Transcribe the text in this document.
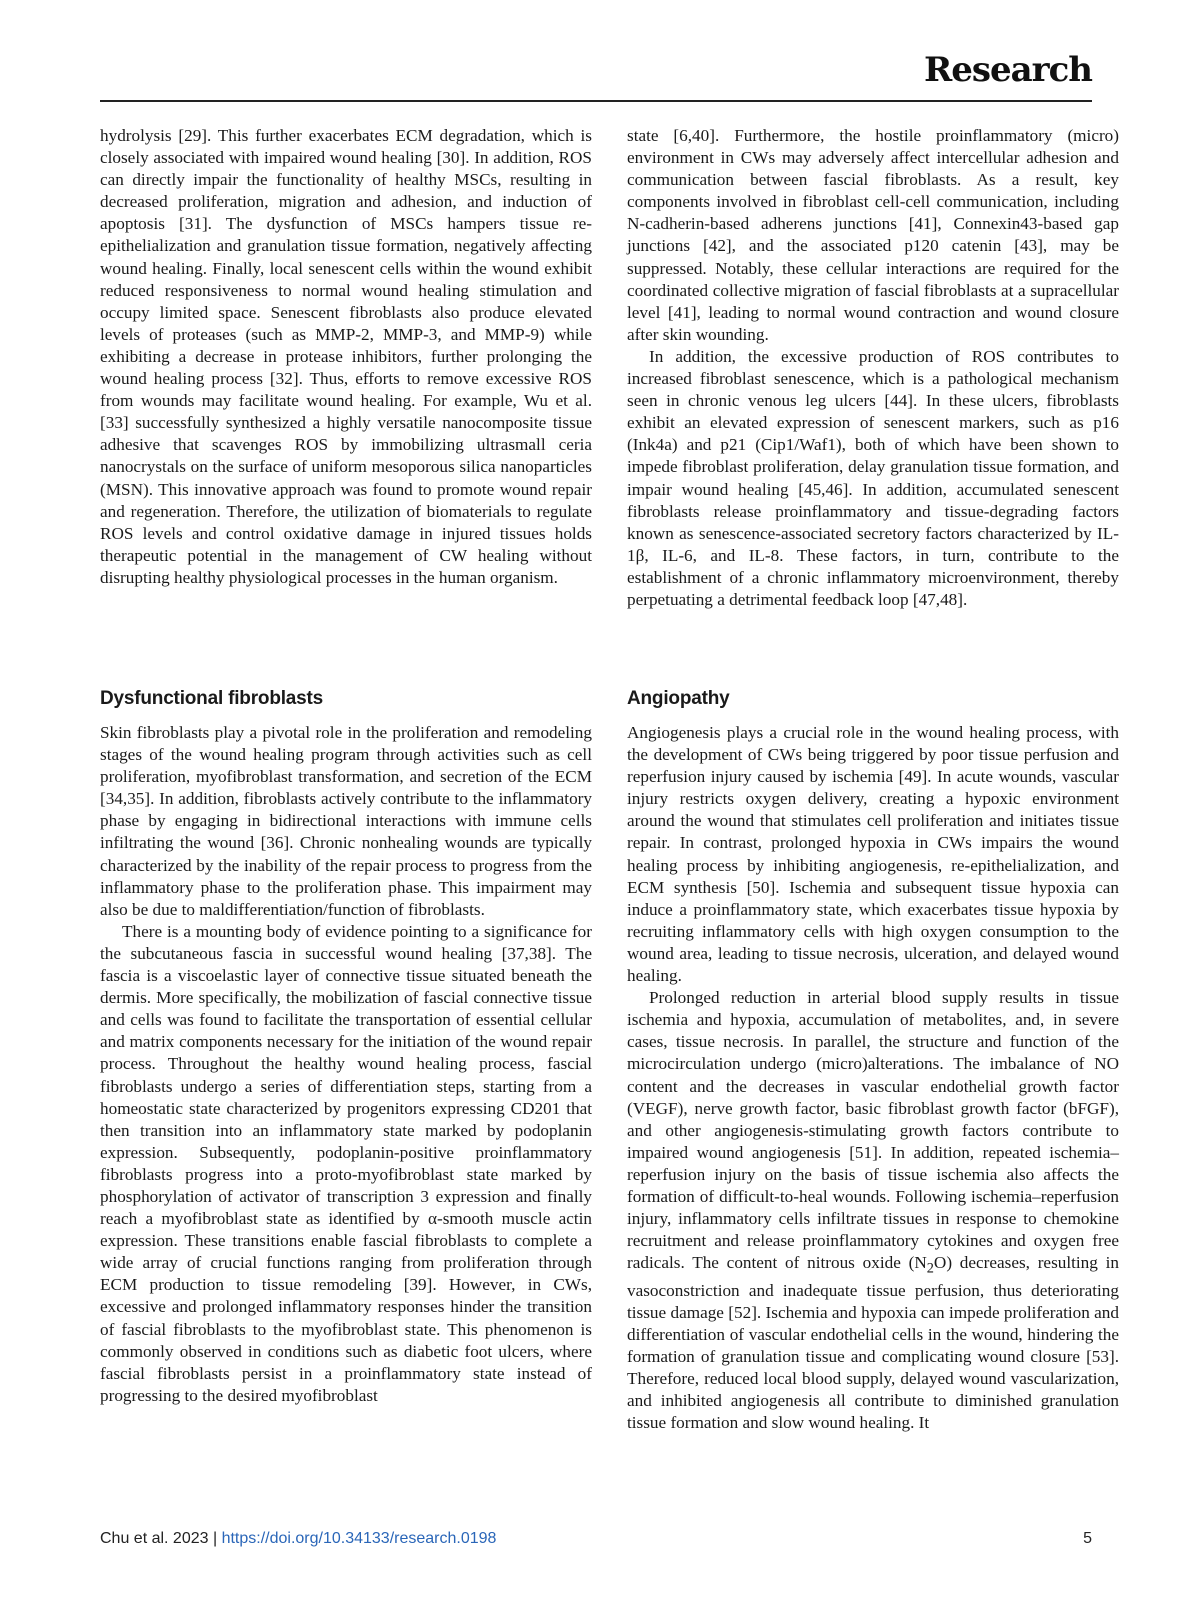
Research

hydrolysis [29]. This further exacerbates ECM degradation, which is closely associated with impaired wound healing [30]. In addition, ROS can directly impair the functionality of healthy MSCs, resulting in decreased proliferation, migration and adhesion, and induction of apoptosis [31]. The dysfunction of MSCs hampers tissue re-epithelialization and granulation tissue formation, negatively affecting wound healing. Finally, local senescent cells within the wound exhibit reduced responsiveness to normal wound healing stimulation and occupy limited space. Senescent fibroblasts also produce elevated levels of proteases (such as MMP-2, MMP-3, and MMP-9) while exhibiting a decrease in protease inhibitors, further prolonging the wound healing process [32]. Thus, efforts to remove excessive ROS from wounds may facilitate wound healing. For example, Wu et al. [33] successfully synthesized a highly versatile nanocomposite tissue adhesive that scavenges ROS by immobilizing ultrasmall ceria nanocrystals on the surface of uniform mesoporous silica nanoparticles (MSN). This innovative approach was found to promote wound repair and regeneration. Therefore, the utilization of biomaterials to regulate ROS levels and control oxidative damage in injured tissues holds therapeutic potential in the management of CW healing without disrupting healthy physiological processes in the human organism.

state [6,40]. Furthermore, the hostile proinflammatory (micro) environment in CWs may adversely affect intercellular adhesion and communication between fascial fibroblasts. As a result, key components involved in fibroblast cell-cell communication, including N-cadherin-based adherens junctions [41], Connexin43-based gap junctions [42], and the associated p120 catenin [43], may be suppressed. Notably, these cellular interactions are required for the coordinated collective migration of fascial fibroblasts at a supracellular level [41], leading to normal wound contraction and wound closure after skin wounding.

In addition, the excessive production of ROS contributes to increased fibroblast senescence, which is a pathological mechanism seen in chronic venous leg ulcers [44]. In these ulcers, fibroblasts exhibit an elevated expression of senescent markers, such as p16 (Ink4a) and p21 (Cip1/Waf1), both of which have been shown to impede fibroblast proliferation, delay granulation tissue formation, and impair wound healing [45,46]. In addition, accumulated senescent fibroblasts release proinflammatory and tissue-degrading factors known as senescence-associated secretory factors characterized by IL-1β, IL-6, and IL-8. These factors, in turn, contribute to the establishment of a chronic inflammatory microenvironment, thereby perpetuating a detrimental feedback loop [47,48].

Dysfunctional fibroblasts	Angiopathy

Skin fibroblasts play a pivotal role in the proliferation and remodeling stages of the wound healing program through activities such as cell proliferation, myofibroblast transformation, and secretion of the ECM [34,35]. In addition, fibroblasts actively contribute to the inflammatory phase by engaging in bidirectional interactions with immune cells infiltrating the wound [36]. Chronic nonhealing wounds are typically characterized by the inability of the repair process to progress from the inflammatory phase to the proliferation phase. This impairment may also be due to maldifferentiation/function of fibroblasts.

There is a mounting body of evidence pointing to a significance for the subcutaneous fascia in successful wound healing [37,38]. The fascia is a viscoelastic layer of connective tissue situated beneath the dermis. More specifically, the mobilization of fascial connective tissue and cells was found to facilitate the transportation of essential cellular and matrix components necessary for the initiation of the wound repair process. Throughout the healthy wound healing process, fascial fibroblasts undergo a series of differentiation steps, starting from a homeostatic state characterized by progenitors expressing CD201 that then transition into an inflammatory state marked by podoplanin expression. Subsequently, podoplanin-positive proinflammatory fibroblasts progress into a proto-myofibroblast state marked by phosphorylation of activator of transcription 3 expression and finally reach a myofibroblast state as identified by α-smooth muscle actin expression. These transitions enable fascial fibroblasts to complete a wide array of crucial functions ranging from proliferation through ECM production to tissue remodeling [39]. However, in CWs, excessive and prolonged inflammatory responses hinder the transition of fascial fibroblasts to the myofibroblast state. This phenomenon is commonly observed in conditions such as diabetic foot ulcers, where fascial fibroblasts persist in a proinflammatory state instead of progressing to the desired myofibroblast

Angiogenesis plays a crucial role in the wound healing process, with the development of CWs being triggered by poor tissue perfusion and reperfusion injury caused by ischemia [49]. In acute wounds, vascular injury restricts oxygen delivery, creating a hypoxic environment around the wound that stimulates cell proliferation and initiates tissue repair. In contrast, prolonged hypoxia in CWs impairs the wound healing process by inhibiting angiogenesis, re-epithelialization, and ECM synthesis [50]. Ischemia and subsequent tissue hypoxia can induce a proinflammatory state, which exacerbates tissue hypoxia by recruiting inflammatory cells with high oxygen consumption to the wound area, leading to tissue necrosis, ulceration, and delayed wound healing.

Prolonged reduction in arterial blood supply results in tissue ischemia and hypoxia, accumulation of metabolites, and, in severe cases, tissue necrosis. In parallel, the structure and function of the microcirculation undergo (micro)alterations. The imbalance of NO content and the decreases in vascular endothelial growth factor (VEGF), nerve growth factor, basic fibroblast growth factor (bFGF), and other angiogenesis-stimulating growth factors contribute to impaired wound angiogenesis [51]. In addition, repeated ischemia–reperfusion injury on the basis of tissue ischemia also affects the formation of difficult-to-heal wounds. Following ischemia–reperfusion injury, inflammatory cells infiltrate tissues in response to chemokine recruitment and release proinflammatory cytokines and oxygen free radicals. The content of nitrous oxide $(N_2O)$ decreases, resulting in vasoconstriction and inadequate tissue perfusion, thus deteriorating tissue damage [52]. Ischemia and hypoxia can impede proliferation and differentiation of vascular endothelial cells in the wound, hindering the formation of granulation tissue and complicating wound closure [53]. Therefore, reduced local blood supply, delayed wound vascularization, and inhibited angiogenesis all contribute to diminished granulation tissue formation and slow wound healing. It

Chu et al. 2023 | https://doi.org/10.34133/research.0198	5
